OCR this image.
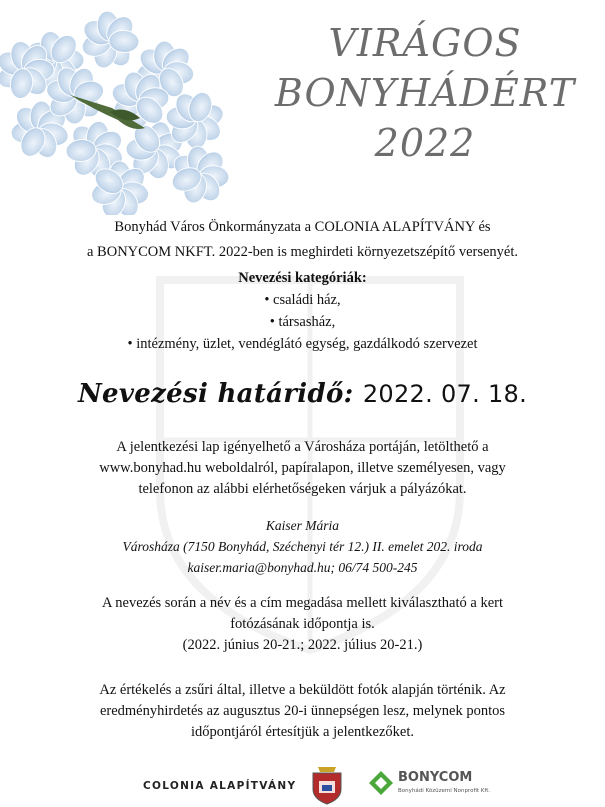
VIRÁGOS
BONYHÁDÉRT
2022
Bonyhád Város Önkormányzata a COLONIA ALAPÍTVÁNY és
a BONYCOM NKFT. 2022-ben is meghirdeti környezetszépítő versenyét.
Nevezési kategóriák:
• családi ház,
• társasház,
• intézmény, üzlet, vendéglátó egység, gazdálkodó szervezet
Nevezési határidő: 2022. 07. 18.
A jelentkezési lap igényelhető a Városháza portáján, letölthető a
www.bonyhad.hu weboldalról, papíralapon, illetve személyesen, vagy
telefonon az alábbi elérhetőségeken várjuk a pályázókat.
Kaiser Mária
Városháza (7150 Bonyhád, Széchenyi tér 12.) II. emelet 202. iroda
kaiser.maria@bonyhad.hu; 06/74 500-245
A nevezés során a név és a cím megadása mellett kiválasztható a kert
fotózásának időpontja is.
(2022. június 20-21.; 2022. július 20-21.)
Az értékelés a zsűri által, illetve a beküldött fotók alapján történik. Az
eredményhirdetés az augusztus 20-i ünnepségen lesz, melynek pontos
időpontjáról értesítjük a jelentkezőket.
COLONIA ALAPÍTVÁNY
BONYCOM
Bonyhádi Közüzemi Nonprofit Kft.
